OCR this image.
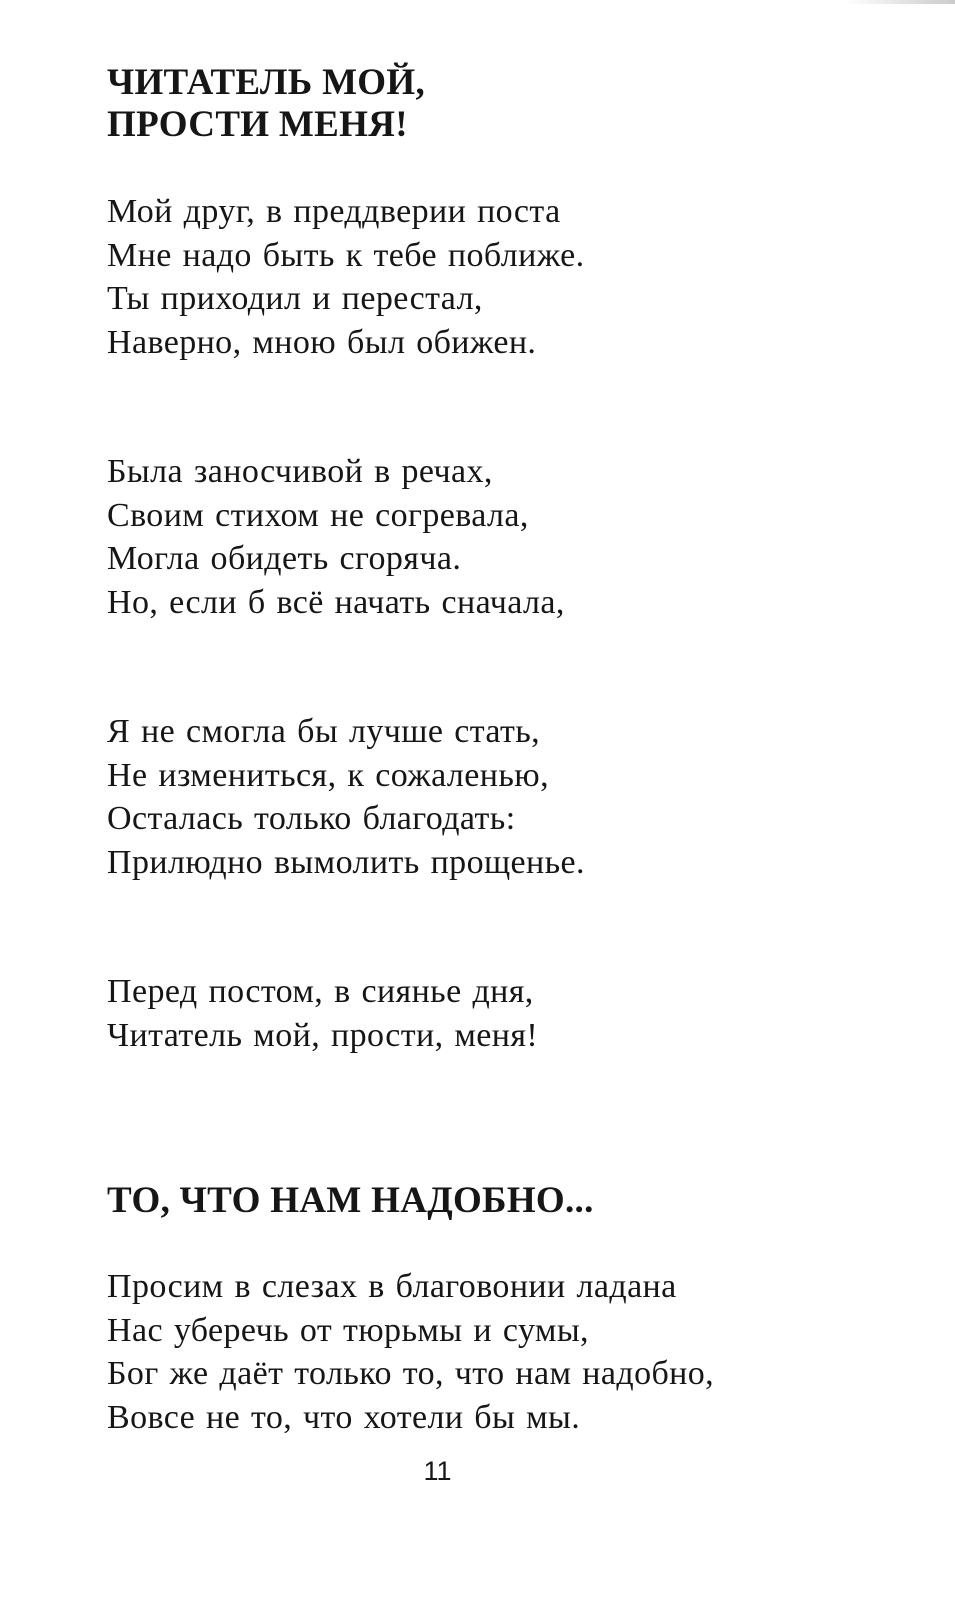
ЧИТАТЕЛЬ МОЙ,
ПРОСТИ МЕНЯ!
Мой друг, в преддверии поста
Мне надо быть к тебе поближе.
Ты приходил и перестал,
Наверно, мною был обижен.
Была заносчивой в речах,
Своим стихом не согревала,
Могла обидеть сгоряча.
Но, если б всё начать сначала,
Я не смогла бы лучше стать,
Не измениться, к сожаленью,
Осталась только благодать:
Прилюдно вымолить прощенье.
Перед постом, в сиянье дня,
Читатель мой, прости, меня!
ТО, ЧТО НАМ НАДОБНО...
Просим в слезах в благовонии ладана
Нас уберечь от тюрьмы и сумы,
Бог же даёт только то, что нам надобно,
Вовсе не то, что хотели бы мы.
11
